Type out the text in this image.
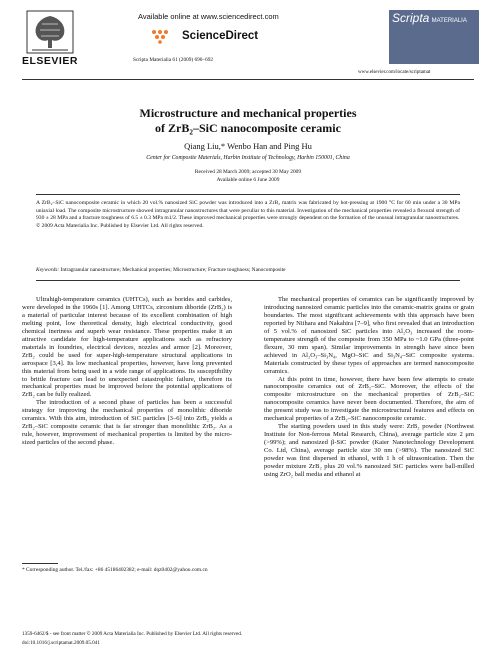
ELSEVIER
Available online at www.sciencedirect.com
ScienceDirect
Scripta Materialia 61 (2009) 690–692
Scripta MATERIALIA
www.elsevier.com/locate/scriptamat
Microstructure and mechanical properties
of ZrB₂–SiC nanocomposite ceramic
Qiang Liu,* Wenbo Han and Ping Hu
Center for Composite Materials, Harbin Institute of Technology, Harbin 150001, China
Received 28 March 2009; accepted 30 May 2009
Available online 6 June 2009
A ZrB₂–SiC nanocomposite ceramic in which 20 vol.% nanosized SiC powder was introduced into a ZrB₂ matrix was fabricated by hot-pressing at 1900 °C for 60 min under a 30 MPa uniaxial load. The composite microstructure showed intragranular nanostructures that were peculiar to this material. Investigation of the mechanical properties revealed a flexural strength of 930 ± 28 MPa and a fracture toughness of 6.5 ± 0.3 MPa m1/2. These improved mechanical properties were strongly dependent on the formation of the unusual intragranular nanostructures.
© 2009 Acta Materialia Inc. Published by Elsevier Ltd. All rights reserved.
Keywords: Intragranular nanostructure; Mechanical properties; Microstructure; Fracture toughness; Nanocomposite

Ultrahigh-temperature ceramics (UHTCs), such as borides and carbides, were developed in the 1960s [1]. Among UHTCs, zirconium diboride (ZrB₂) is a material of particular interest because of its excellent combination of high melting point, low theoretical density, high electrical conductivity, good chemical inertness and superb wear resistance. These properties make it an attractive candidate for high-temperature applications such as refractory materials in foundries, electrical devices, nozzles and armor [2]. Moreover, ZrB₂ could be used for super-high-temperature structural applications in aerospace [3,4]. Its low mechanical properties, however, have long prevented this material from being used in a wide range of applications. Its susceptibility to brittle fracture can lead to unexpected catastrophic failure, therefore its mechanical properties must be improved before the potential applications of ZrB₂ can be fully realized.

The introduction of a second phase of particles has been a successful strategy for improving the mechanical properties of monolithic diboride ceramics. With this aim, introduction of SiC particles [3–6] into ZrB₂ yields a ZrB₂–SiC composite ceramic that is far stronger than monolithic ZrB₂. As a rule, however, improvement of mechanical properties is limited by the micro-sized particles of the second phase.

The mechanical properties of ceramics can be significantly improved by introducing nanosized ceramic particles into the ceramic-matrix grains or grain boundaries. The most significant achievements with this approach have been reported by Niihara and Nakahira [7–9], who first revealed that an introduction of 5 vol.% of nanosized SiC particles into Al₂O₃ increased the room-temperature strength of the composite from 350 MPa to ~1.0 GPa (three-point flexure, 30 mm span). Similar improvements in strength have since been achieved in Al₂O₃–Si₃N₄, MgO–SiC and Si₃N₄–SiC composite systems. Materials constructed by these types of approaches are termed nanocomposite ceramics.

At this point in time, however, there have been few attempts to create nanocomposite ceramics out of ZrB₂–SiC. Moreover, the effects of the composite microstructure on the mechanical properties of ZrB₂–SiC nanocomposite ceramics have never been documented. Therefore, the aim of the present study was to investigate the microstructural features and effects on mechanical properties of a ZrB₂–SiC nanocomposite ceramic.

The starting powders used in this study were: ZrB₂ powder (Northwest Institute for Non-ferrous Metal Research, China), average particle size 2 μm (>99%); and nanosized β-SiC powder (Kaier Nanotechnology Development Co. Ltd, China), average particle size 30 nm (>98%). The nanosized SiC powder was first dispersed in ethanol, with 1 h of ultrasonication. Then the powder mixture ZrB₂ plus 20 vol.% nanosized SiC particles were ball-milled using ZrO₂ ball media and ethanol at

* Corresponding author. Tel./fax: +86 45186402382; e-mail: dqz0402@yahoo.com.cn
1359-6462/$ - see front matter © 2009 Acta Materialia Inc. Published by Elsevier Ltd. All rights reserved.
doi:10.1016/j.scriptamat.2009.05.041
